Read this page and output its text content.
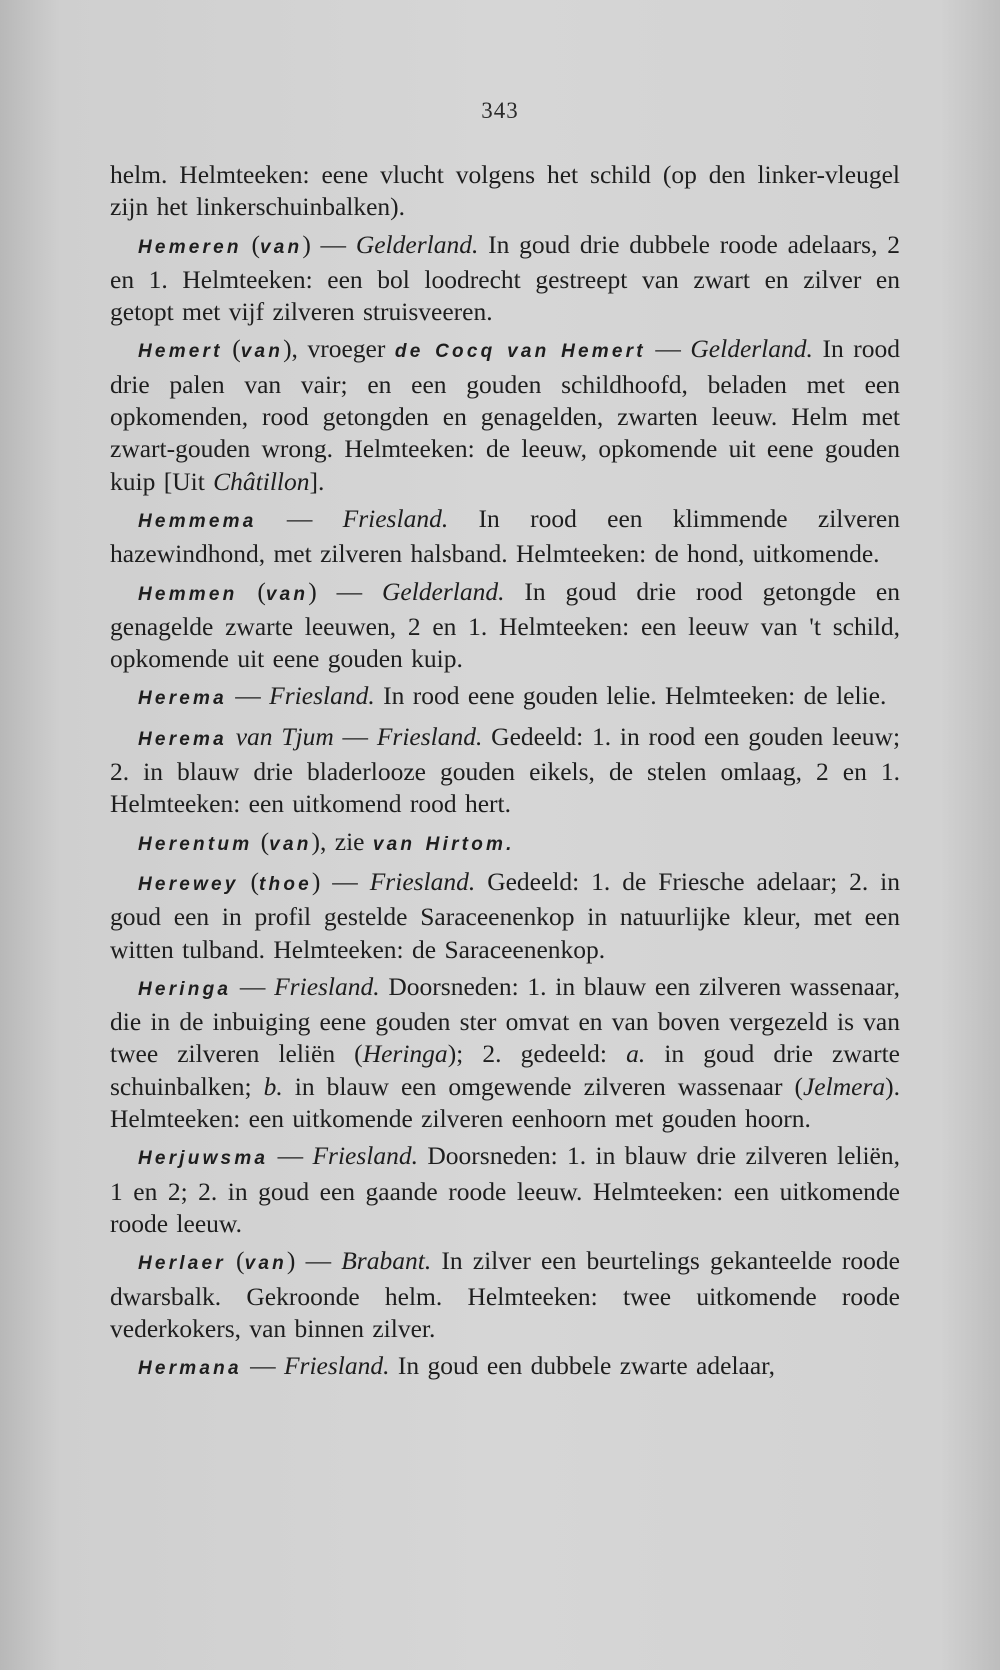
343

helm. Helmteeken: eene vlucht volgens het schild (op den linker-vleugel zijn het linkerschuinbalken).

Hemeren (van) — Gelderland. In goud drie dubbele roode adelaars, 2 en 1. Helmteeken: een bol loodrecht gestreept van zwart en zilver en getopt met vijf zilveren struisveeren.

Hemert (van), vroeger de Cocq van Hemert — Gelderland. In rood drie palen van vair; en een gouden schildhoofd, beladen met een opkomenden, rood getongden en genagelden, zwarten leeuw. Helm met zwart-gouden wrong. Helmteeken: de leeuw, opkomende uit eene gouden kuip [Uit Châtillon].

Hemmema — Friesland. In rood een klimmende zilveren hazewindhond, met zilveren halsband. Helmteeken: de hond, uitkomende.

Hemmen (van) — Gelderland. In goud drie rood getongde en genagelde zwarte leeuwen, 2 en 1. Helmteeken: een leeuw van 't schild, opkomende uit eene gouden kuip.

Herema — Friesland. In rood eene gouden lelie. Helmteeken: de lelie.

Herema van Tjum — Friesland. Gedeeld: 1. in rood een gouden leeuw; 2. in blauw drie bladerlooze gouden eikels, de stelen omlaag, 2 en 1. Helmteeken: een uitkomend rood hert.

Herentum (van), zie van Hirtom.

Herewey (thoe) — Friesland. Gedeeld: 1. de Friesche adelaar; 2. in goud een in profil gestelde Saraceenenkop in natuurlijke kleur, met een witten tulband. Helmteeken: de Saraceenenkop.

Heringa — Friesland. Doorsneden: 1. in blauw een zilveren wassenaar, die in de inbuiging eene gouden ster omvat en van boven vergezeld is van twee zilveren leliën (Heringa); 2. gedeeld: a. in goud drie zwarte schuinbalken; b. in blauw een omgewende zilveren wassenaar (Jelmera). Helmteeken: een uitkomende zilveren eenhoorn met gouden hoorn.

Herjuwsma — Friesland. Doorsneden: 1. in blauw drie zilveren leliën, 1 en 2; 2. in goud een gaande roode leeuw. Helmteeken: een uitkomende roode leeuw.

Herlaer (van) — Brabant. In zilver een beurtelings gekanteelde roode dwarsbalk. Gekroonde helm. Helmteeken: twee uitkomende roode vederkokers, van binnen zilver.

Hermana — Friesland. In goud een dubbele zwarte adelaar,
